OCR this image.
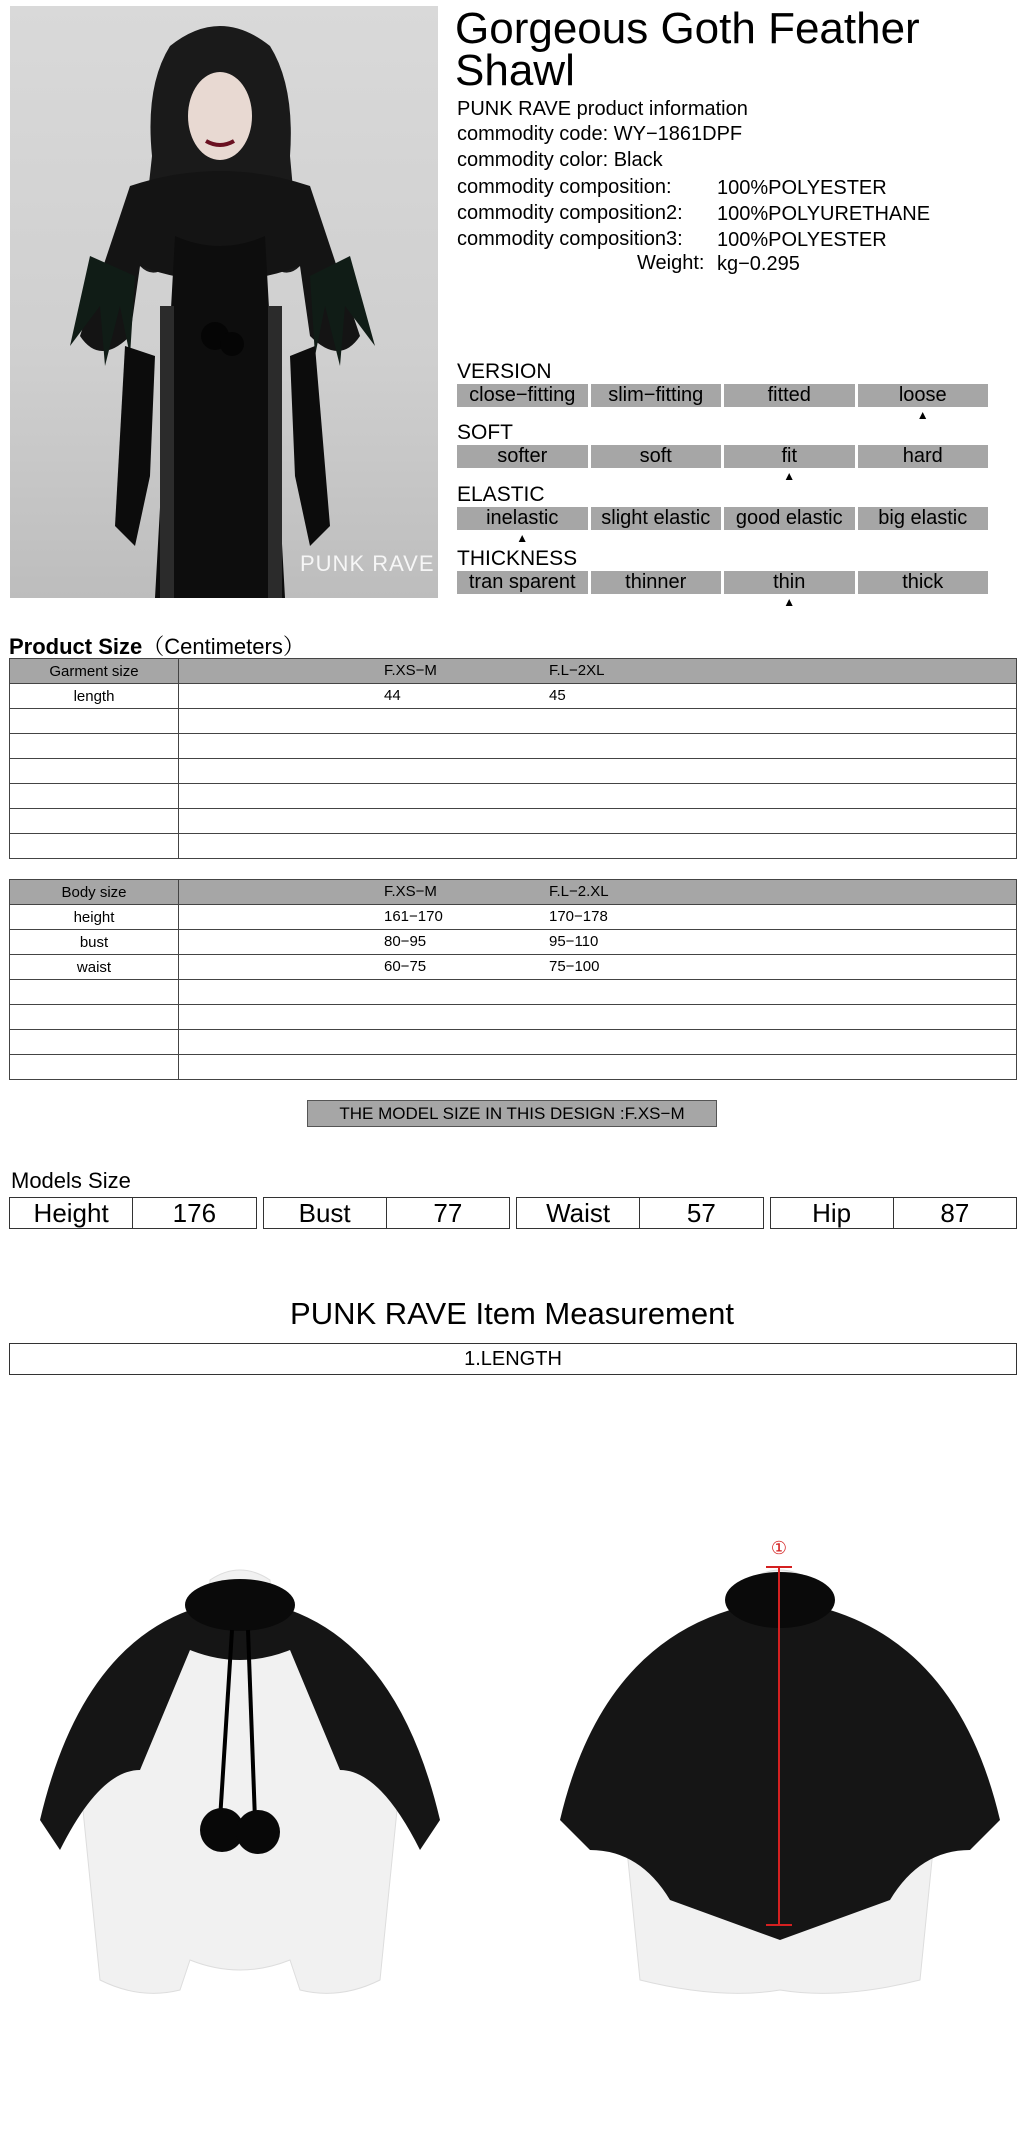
PUNK RAVE
Gorgeous Goth Feather Shawl
PUNK RAVE product information
commodity code: WY−1861DPF
commodity color: Black
commodity composition: 100%POLYESTER
commodity composition2: 100%POLYURETHANE
commodity composition3: 100%POLYESTER
Weight: kg−0.295
VERSION
close−fitting	slim−fitting	fitted	loose
SOFT
softer	soft	fit	hard
ELASTIC
inelastic	slight elastic	good elastic	big elastic
THICKNESS
tran sparent	thinner	thin	thick
▲
▲
▲
▲
Product Size（Centimeters）
Garment size	F.XS−M F.L−2XL

length	44 45

Body size	F.XS−M F.L−2.XL

height	161−170 170−178

bust	80−95 95−110

waist	60−75 75−100

THE MODEL SIZE IN THIS DESIGN :F.XS−M
Models Size
Height	176	Bust	77	Waist	57	Hip	87
PUNK RAVE Item Measurement
1.LENGTH
①
